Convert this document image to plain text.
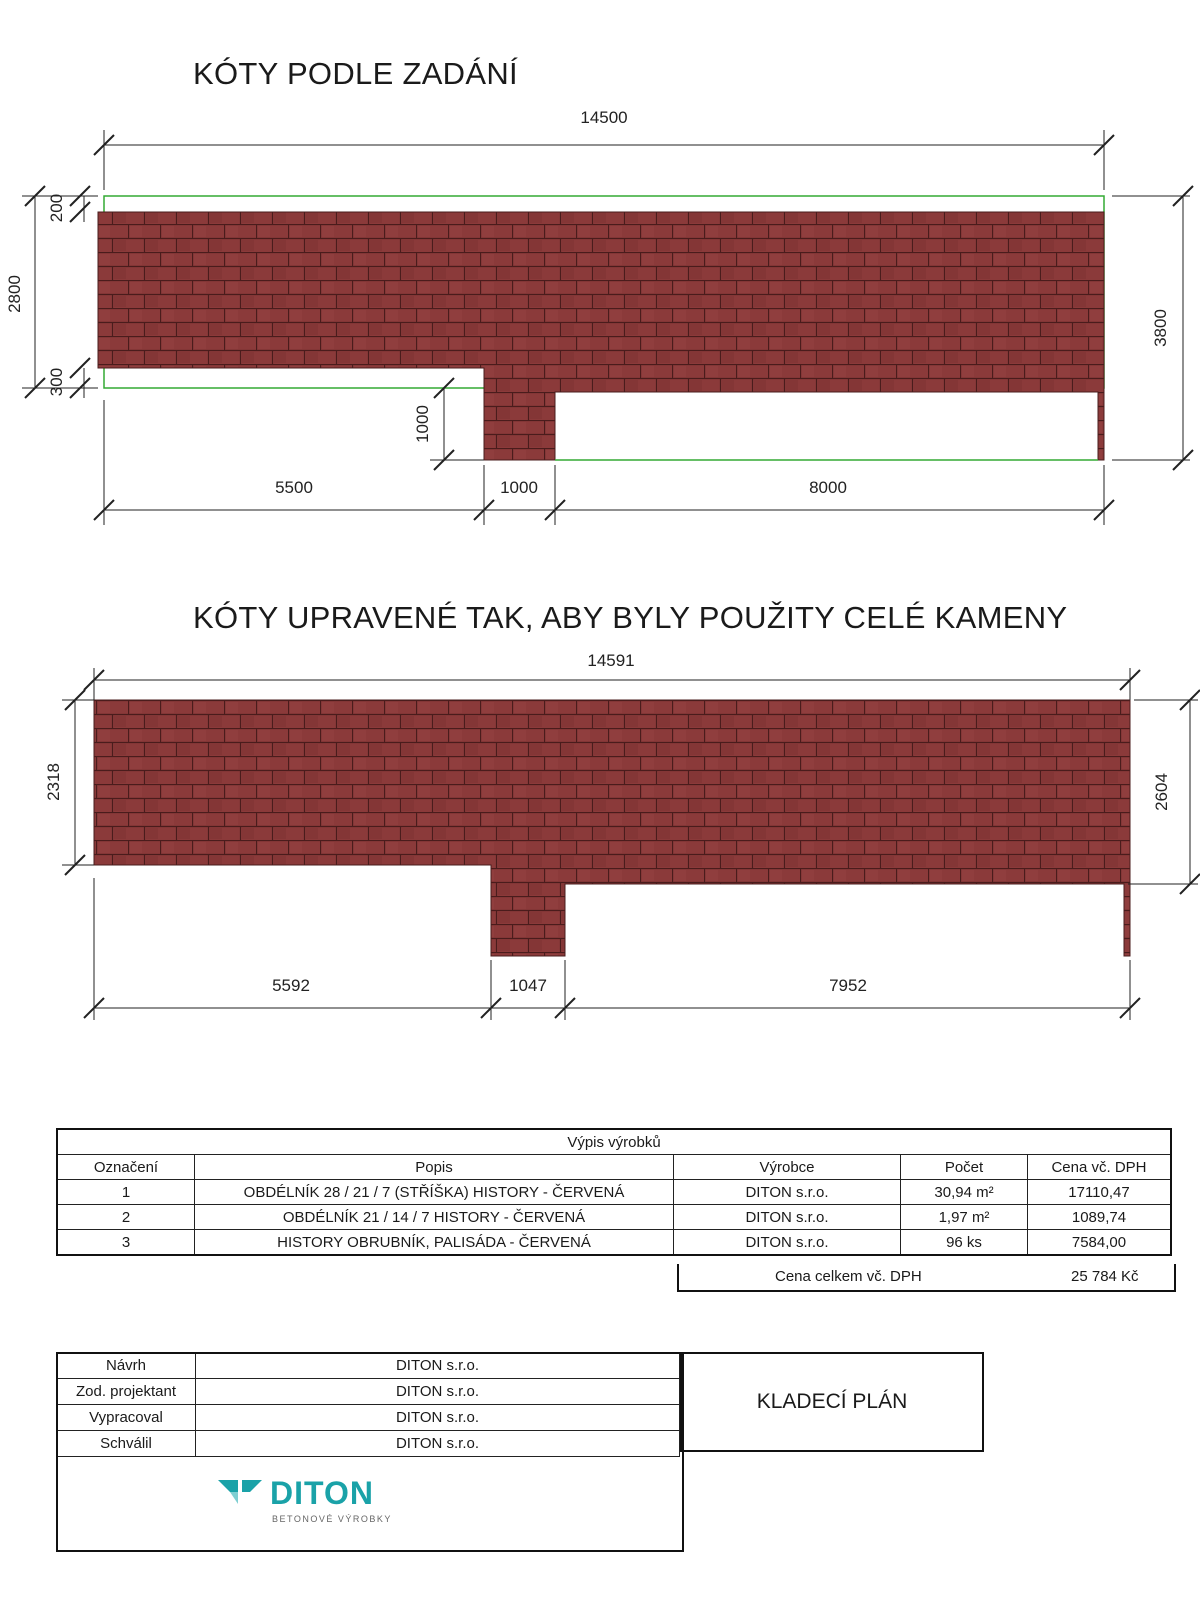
KÓTY PODLE ZADÁNÍ
KÓTY UPRAVENÉ TAK, ABY BYLY POUŽITY CELÉ KAMENY
14500
2800
200
300
1000
3800
5500	1000	8000
14591
2318	2604
5592	1047	7952
Výpis výrobků				
Označení	Popis	Výrobce	Počet	Cena vč. DPH
1	OBDÉLNÍK 28 / 21 / 7 (STŘÍŠKA) HISTORY - ČERVENÁ	DITON s.r.o.	30,94 m²	17110,47
2	OBDÉLNÍK 21 / 14 / 7 HISTORY - ČERVENÁ	DITON s.r.o.	1,97 m²	1089,74
3	HISTORY OBRUBNÍK, PALISÁDA - ČERVENÁ	DITON s.r.o.	96 ks	7584,00
Cena celkem vč. DPH	25 784 Kč
Návrh	DITON s.r.o.
Zod. projektant	DITON s.r.o.
Vypracoval	DITON s.r.o.
Schválil	DITON s.r.o.
KLADECÍ PLÁN
DITON
BETONOVÉ VÝROBKY
